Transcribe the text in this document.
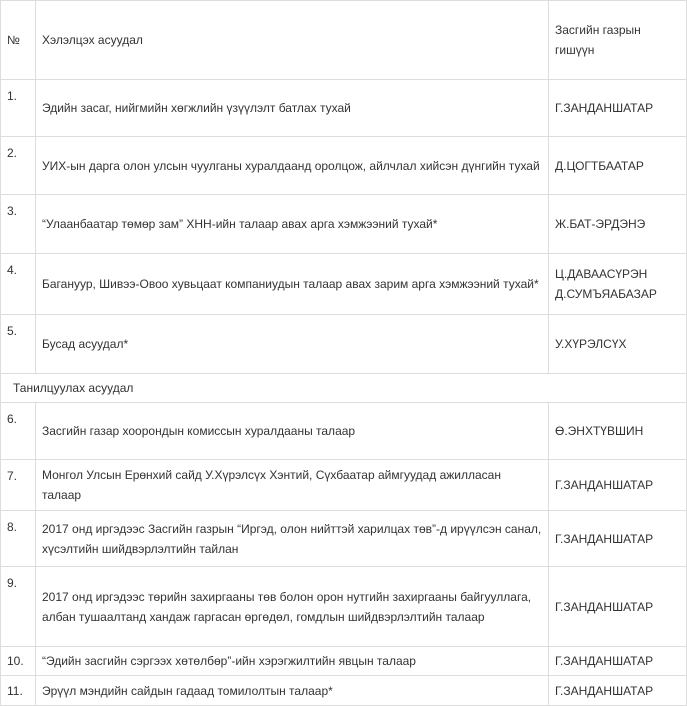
№	Хэлэлцэх асуудал	Засгийн газрын
гишүүн

1.	Эдийн засаг, нийгмийн хөгжлийн үзүүлэлт батлах тухай	Г.ЗАНДАНШАТАР
2.	УИХ-ын дарга олон улсын чуулганы хуралдаанд оролцож, айлчлал хийсэн дүнгийн тухай	Д.ЦОГТБААТАР
3.	“Улаанбаатар төмөр зам” ХНН-ийн талаар авах арга хэмжээний тухай*	Ж.БАТ-ЭРДЭНЭ
4.	Багануур, Шивээ-Овоо хувьцаат компаниудын талаар авах зарим арга хэмжээний тухай*	Ц.ДАВААСҮРЭН
Д.СУМЪЯАБАЗАР

5.	Бусад асуудал*	У.ХҮРЭЛСҮХ
Танилцуулах асуудал		
6.	Засгийн газар хоорондын комиссын хуралдааны талаар	Ө.ЭНХТҮВШИН
7.	Монгол Улсын Ерөнхий сайд У.Хүрэлсүх Хэнтий, Сүхбаатар аймгуудад ажилласан талаар	Г.ЗАНДАНШАТАР
8.	2017 онд иргэдээс Засгийн газрын “Иргэд, олон нийттэй харилцах төв”-д ирүүлсэн санал, хүсэлтийн шийдвэрлэлтийн тайлан	Г.ЗАНДАНШАТАР
9.	2017 онд иргэдээс төрийн захиргааны төв болон орон нутгийн захиргааны байгууллага, албан тушаалтанд хандаж гаргасан өргөдөл, гомдлын шийдвэрлэлтийн талаар	Г.ЗАНДАНШАТАР
10.	“Эдийн засгийн сэргээх хөтөлбөр”-ийн хэрэгжилтийн явцын талаар	Г.ЗАНДАНШАТАР
11.	Эрүүл мэндийн сайдын гадаад томилолтын талаар*	Г.ЗАНДАНШАТАР
